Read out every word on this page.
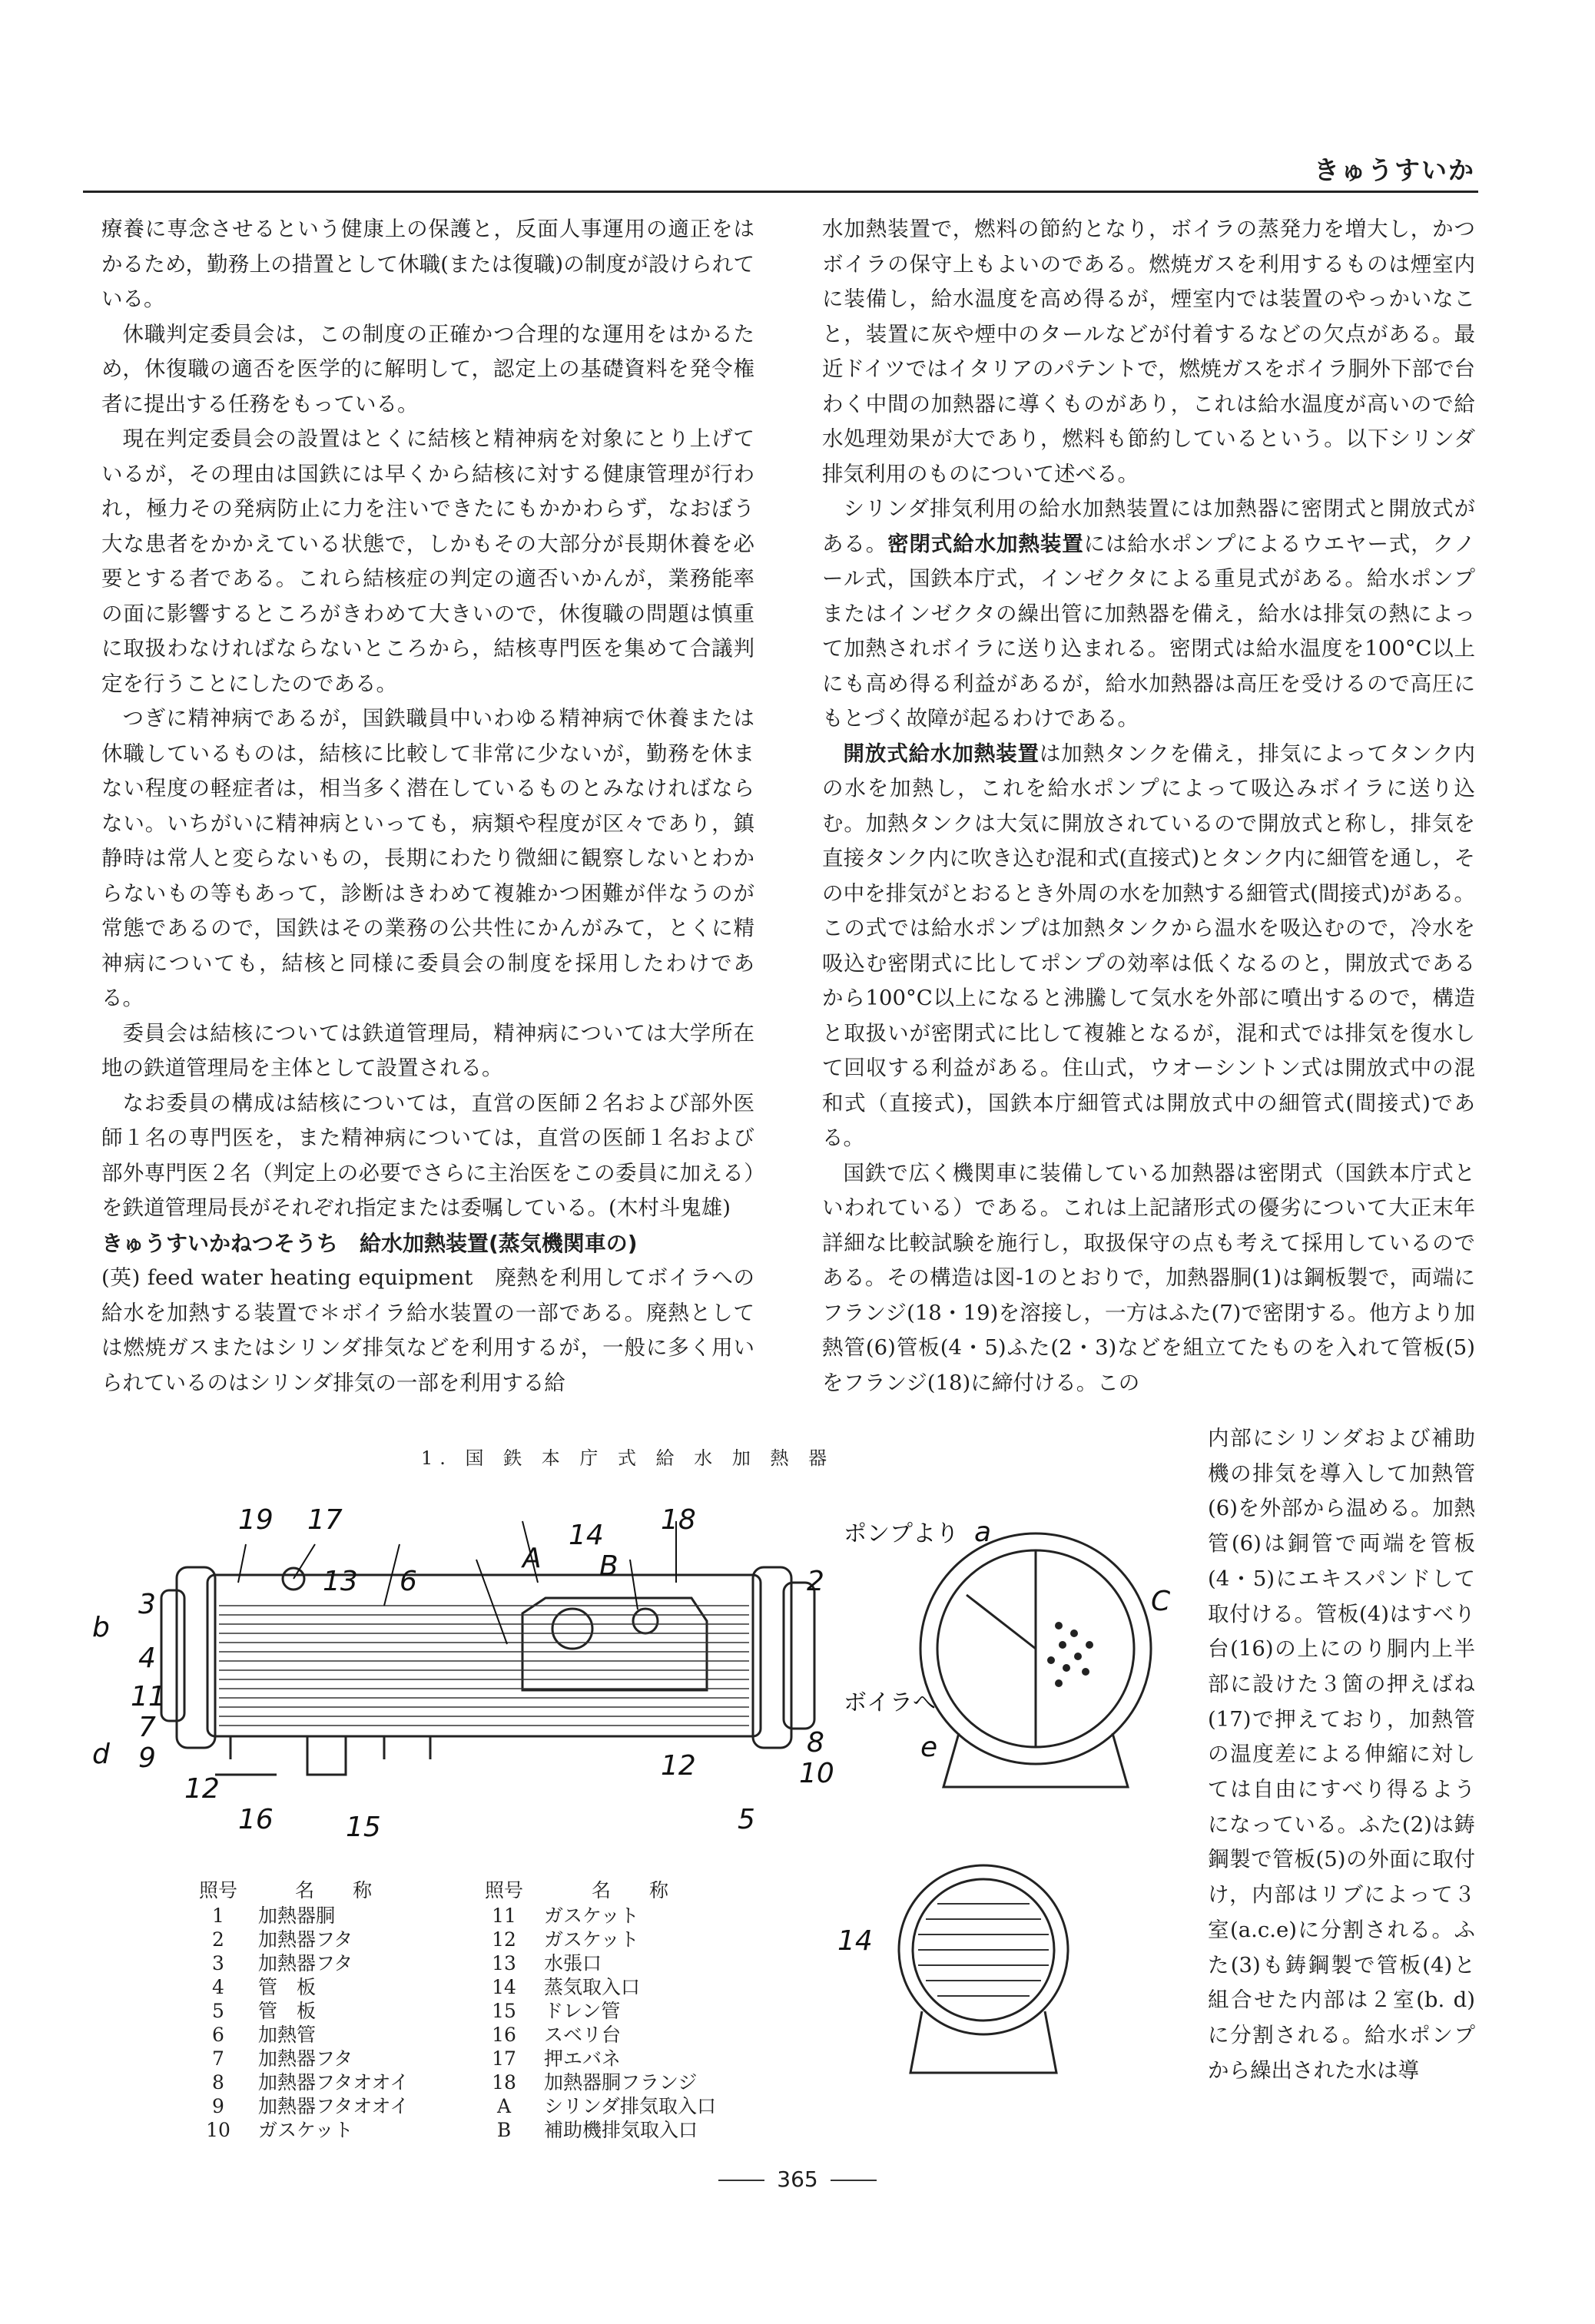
きゅうすいか

療養に専念させるという健康上の保護と，反面人事運用の適正をはかるため，勤務上の措置として休職(または復職)の制度が設けられている。

休職判定委員会は，この制度の正確かつ合理的な運用をはかるため，休復職の適否を医学的に解明して，認定上の基礎資料を発令権者に提出する任務をもっている。

現在判定委員会の設置はとくに結核と精神病を対象にとり上げているが，その理由は国鉄には早くから結核に対する健康管理が行われ，極力その発病防止に力を注いできたにもかかわらず，なおぼう大な患者をかかえている状態で，しかもその大部分が長期休養を必要とする者である。これら結核症の判定の適否いかんが，業務能率の面に影響するところがきわめて大きいので，休復職の問題は慎重に取扱わなければならないところから，結核専門医を集めて合議判定を行うことにしたのである。

つぎに精神病であるが，国鉄職員中いわゆる精神病で休養または休職しているものは，結核に比較して非常に少ないが，勤務を休まない程度の軽症者は，相当多く潜在しているものとみなければならない。いちがいに精神病といっても，病類や程度が区々であり，鎮静時は常人と変らないもの，長期にわたり微細に観察しないとわからないもの等もあって，診断はきわめて複雑かつ困難が伴なうのが常態であるので，国鉄はその業務の公共性にかんがみて，とくに精神病についても，結核と同様に委員会の制度を採用したわけである。

委員会は結核については鉄道管理局，精神病については大学所在地の鉄道管理局を主体として設置される。

なお委員の構成は結核については，直営の医師２名および部外医師１名の専門医を，また精神病については，直営の医師１名および部外専門医２名（判定上の必要でさらに主治医をこの委員に加える）を鉄道管理局長がそれぞれ指定または委嘱している。(木村斗鬼雄)

きゅうすいかねつそうち　給水加熱装置(蒸気機関車の)

(英) feed water heating equipment　廃熱を利用してボイラへの給水を加熱する装置で＊ボイラ給水装置の一部である。廃熱としては燃焼ガスまたはシリンダ排気などを利用するが，一般に多く用いられているのはシリンダ排気の一部を利用する給

水加熱装置で，燃料の節約となり，ボイラの蒸発力を増大し，かつボイラの保守上もよいのである。燃焼ガスを利用するものは煙室内に装備し，給水温度を高め得るが，煙室内では装置のやっかいなこと，装置に灰や煙中のタールなどが付着するなどの欠点がある。最近ドイツではイタリアのパテントで，燃焼ガスをボイラ胴外下部で台わく中間の加熱器に導くものがあり，これは給水温度が高いので給水処理効果が大であり，燃料も節約しているという。以下シリンダ排気利用のものについて述べる。

シリンダ排気利用の給水加熱装置には加熱器に密閉式と開放式がある。密閉式給水加熱装置には給水ポンプによるウエヤー式，クノール式，国鉄本庁式，インゼクタによる重見式がある。給水ポンプまたはインゼクタの繰出管に加熱器を備え，給水は排気の熱によって加熱されボイラに送り込まれる。密閉式は給水温度を100°C以上にも高め得る利益があるが，給水加熱器は高圧を受けるので高圧にもとづく故障が起るわけである。

開放式給水加熱装置は加熱タンクを備え，排気によってタンク内の水を加熱し，これを給水ポンプによって吸込みボイラに送り込む。加熱タンクは大気に開放されているので開放式と称し，排気を直接タンク内に吹き込む混和式(直接式)とタンク内に細管を通し，その中を排気がとおるとき外周の水を加熱する細管式(間接式)がある。この式では給水ポンプは加熱タンクから温水を吸込むので，冷水を吸込む密閉式に比してポンプの効率は低くなるのと，開放式であるから100°C以上になると沸騰して気水を外部に噴出するので，構造と取扱いが密閉式に比して複雑となるが，混和式では排気を復水して回収する利益がある。住山式，ウオーシントン式は開放式中の混和式（直接式)，国鉄本庁細管式は開放式中の細管式(間接式)である。

国鉄で広く機関車に装備している加熱器は密閉式（国鉄本庁式といわれている）である。これは上記諸形式の優劣について大正末年詳細な比較試験を施行し，取扱保守の点も考えて採用しているのである。その構造は図-1のとおりで，加熱器胴(1)は鋼板製で，両端にフランジ(18・19)を溶接し，一方はふた(7)で密閉する。他方より加熱管(6)管板(4・5)ふた(2・3)などを組立てたものを入れて管板(5)をフランジ(18)に締付ける。この

1. 国 鉄 本 庁 式 給 水 加 熱 器
19 17
13 6
A
14
B
18
2
3
b
4
11
7
d 9
12
16	15
12	10
8
5
ポンプより a
C
ボイラへ
e
14
照号	名　　称
1	加熱器胴
2	加熱器フタ
3	加熱器フタ
4	管　板
5	管　板
6	加熱管
7	加熱器フタ
8	加熱器フタオオイ
9	加熱器フタオオイ
10	ガスケット
照号	名　　称
11	ガスケット
12	ガスケット
13	水張口
14	蒸気取入口
15	ドレン管
16	スベリ台
17	押エバネ
18	加熱器胴フランジ
A	シリンダ排気取入口
B	補助機排気取入口

内部にシリンダおよび補助機の排気を導入して加熱管(6)を外部から温める。加熱管(6)は銅管で両端を管板(4・5)にエキスパンドして取付ける。管板(4)はすべり台(16)の上にのり胴内上半部に設けた３箇の押えばね(17)で押えており，加熱管の温度差による伸縮に対しては自由にすべり得るようになっている。ふた(2)は鋳鋼製で管板(5)の外面に取付け，内部はリブによって３室(a.c.e)に分割される。ふた(3)も鋳鋼製で管板(4)と組合せた内部は２室(b. d)に分割される。給水ポンプから繰出された水は導

365
